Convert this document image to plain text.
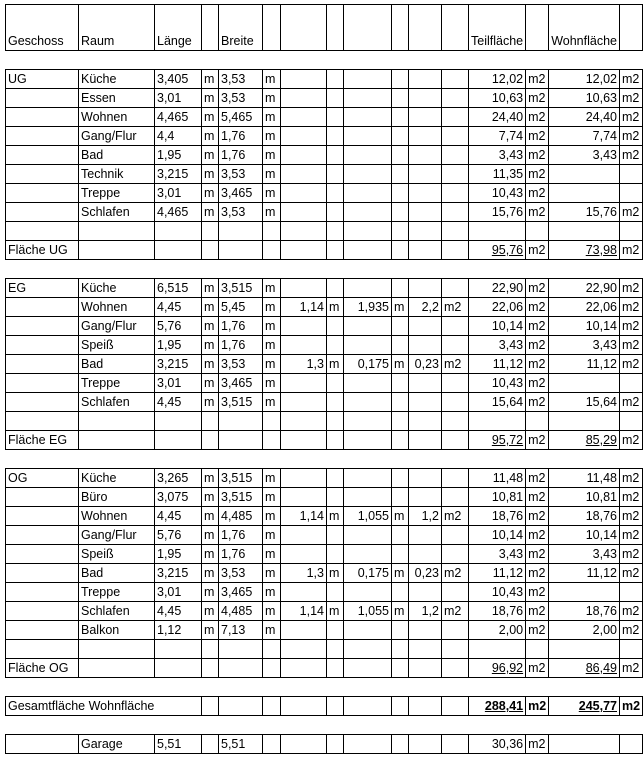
Geschoss	Raum	Länge		Breite								Teilfläche		Wohnfläche	

UG	Küche	3,405	m	3,53	m							12,02	m2	12,02	m2
	Essen	3,01	m	3,53	m							10,63	m2	10,63	m2
	Wohnen	4,465	m	5,465	m							24,40	m2	24,40	m2
	Gang/Flur	4,4	m	1,76	m							7,74	m2	7,74	m2
	Bad	1,95	m	1,76	m							3,43	m2	3,43	m2
	Technik	3,215	m	3,53	m							11,35	m2		
	Treppe	3,01	m	3,465	m							10,43	m2		
	Schlafen	4,465	m	3,53	m							15,76	m2	15,76	m2

Fläche UG												95,76	m2	73,98	m2

EG	Küche	6,515	m	3,515	m							22,90	m2	22,90	m2
	Wohnen	4,45	m	5,45	m	1,14	m	1,935	m	2,2	m2	22,06	m2	22,06	m2
	Gang/Flur	5,76	m	1,76	m							10,14	m2	10,14	m2
	Speiß	1,95	m	1,76	m							3,43	m2	3,43	m2
	Bad	3,215	m	3,53	m	1,3	m	0,175	m	0,23	m2	11,12	m2	11,12	m2
	Treppe	3,01	m	3,465	m							10,43	m2		
	Schlafen	4,45	m	3,515	m							15,64	m2	15,64	m2

Fläche EG												95,72	m2	85,29	m2

OG	Küche	3,265	m	3,515	m							11,48	m2	11,48	m2
	Büro	3,075	m	3,515	m							10,81	m2	10,81	m2
	Wohnen	4,45	m	4,485	m	1,14	m	1,055	m	1,2	m2	18,76	m2	18,76	m2
	Gang/Flur	5,76	m	1,76	m							10,14	m2	10,14	m2
	Speiß	1,95	m	1,76	m							3,43	m2	3,43	m2
	Bad	3,215	m	3,53	m	1,3	m	0,175	m	0,23	m2	11,12	m2	11,12	m2
	Treppe	3,01	m	3,465	m							10,43	m2		
	Schlafen	4,45	m	4,485	m	1,14	m	1,055	m	1,2	m2	18,76	m2	18,76	m2
	Balkon	1,12	m	7,13	m							2,00	m2	2,00	m2

Fläche OG												96,92	m2	86,49	m2

Gesamtfläche Wohnfläche												288,41	m2	245,77	m2

	Garage	5,51		5,51								30,36	m2		
